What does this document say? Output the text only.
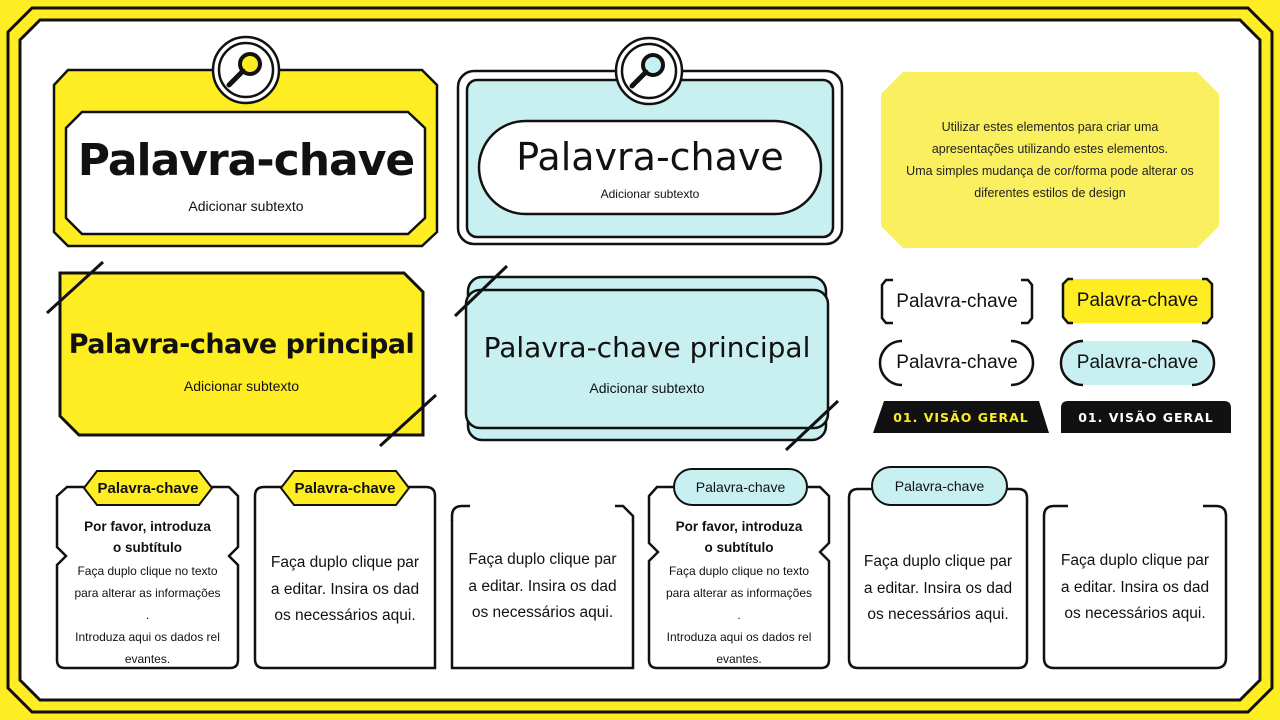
Palavra-chave
Adicionar subtexto
Palavra-chave
Adicionar subtexto
Utilizar estes elementos para criar uma
apresentações utilizando estes elementos.
Uma simples mudança de cor/forma pode alterar os
diferentes estilos de design
Palavra-chave principal
Adicionar subtexto
Palavra-chave principal
Adicionar subtexto
Palavra-chave	Palavra-chave
Palavra-chave	Palavra-chave
01. VISÃO GERAL	01. VISÃO GERAL
Palavra-chave
Por favor, introduza
o subtítulo
Faça duplo clique no texto
para alterar as informações
.
Introduza aqui os dados rel
evantes.
Palavra-chave
Faça duplo clique par
a editar. Insira os dad
os necessários aqui.
Faça duplo clique par
a editar. Insira os dad
os necessários aqui.
Palavra-chave
Por favor, introduza
o subtítulo
Faça duplo clique no texto
para alterar as informações
.
Introduza aqui os dados rel
evantes.
Palavra-chave
Faça duplo clique par
a editar. Insira os dad
os necessários aqui.
Faça duplo clique par
a editar. Insira os dad
os necessários aqui.
